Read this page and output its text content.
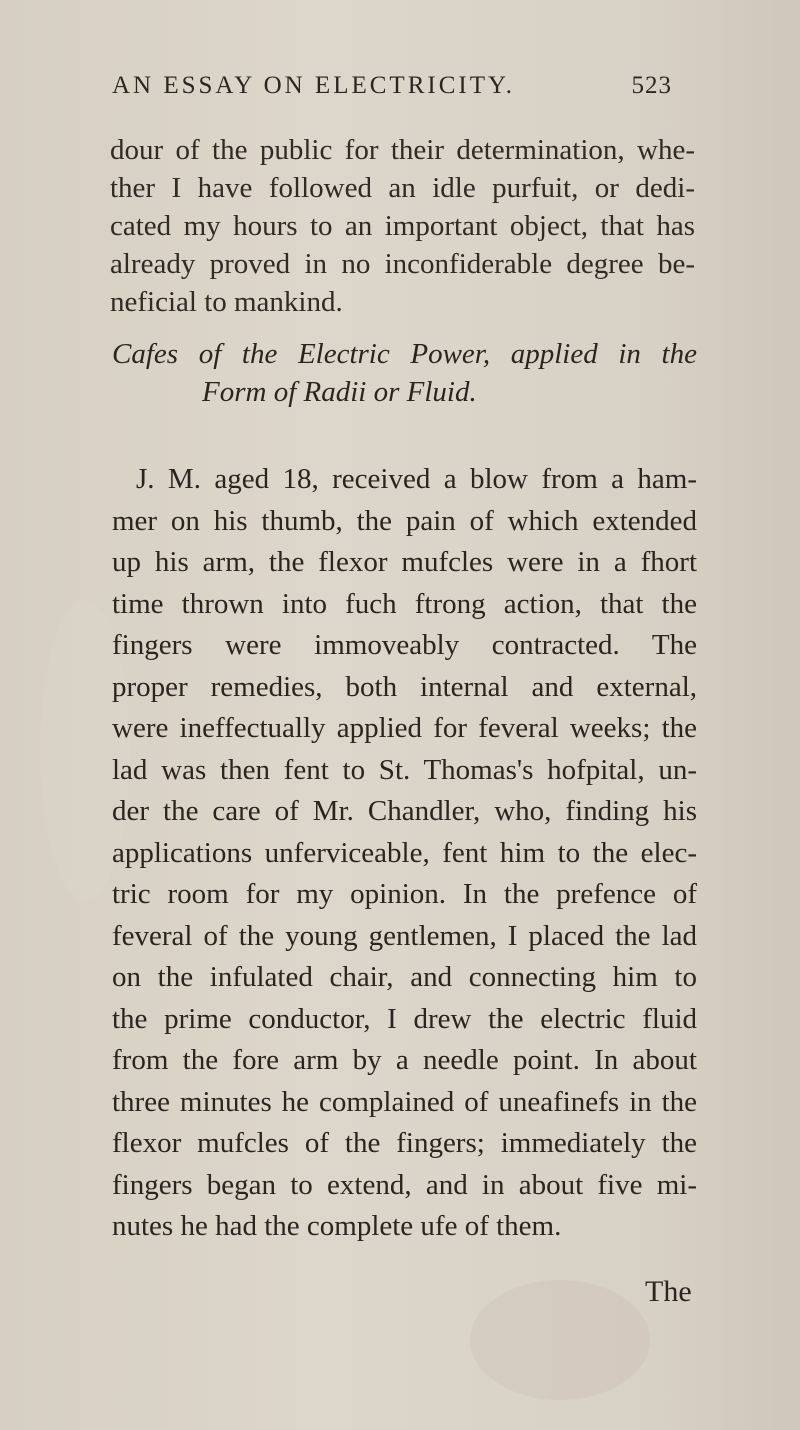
AN ESSAY ON ELECTRICITY.	523
dour of the public for their determination, whe-
ther I have followed an idle purfuit, or dedi-
cated my hours to an important object, that has
already proved in no inconfiderable degree be-
neficial to mankind.
Cafes of the Electric Power, applied in the
Form of Radii or Fluid.
J. M. aged 18, received a blow from a ham-
mer on his thumb, the pain of which extended
up his arm, the flexor mufcles were in a fhort
time thrown into fuch ftrong action, that the
fingers were immoveably contracted. The
proper remedies, both internal and external,
were ineffectually applied for feveral weeks; the
lad was then fent to St. Thomas's hofpital, un-
der the care of Mr. Chandler, who, finding his
applications unferviceable, fent him to the elec-
tric room for my opinion. In the prefence of
feveral of the young gentlemen, I placed the lad
on the infulated chair, and connecting him to
the prime conductor, I drew the electric fluid
from the fore arm by a needle point. In about
three minutes he complained of uneafinefs in the
flexor mufcles of the fingers; immediately the
fingers began to extend, and in about five mi-
nutes he had the complete ufe of them.
The
